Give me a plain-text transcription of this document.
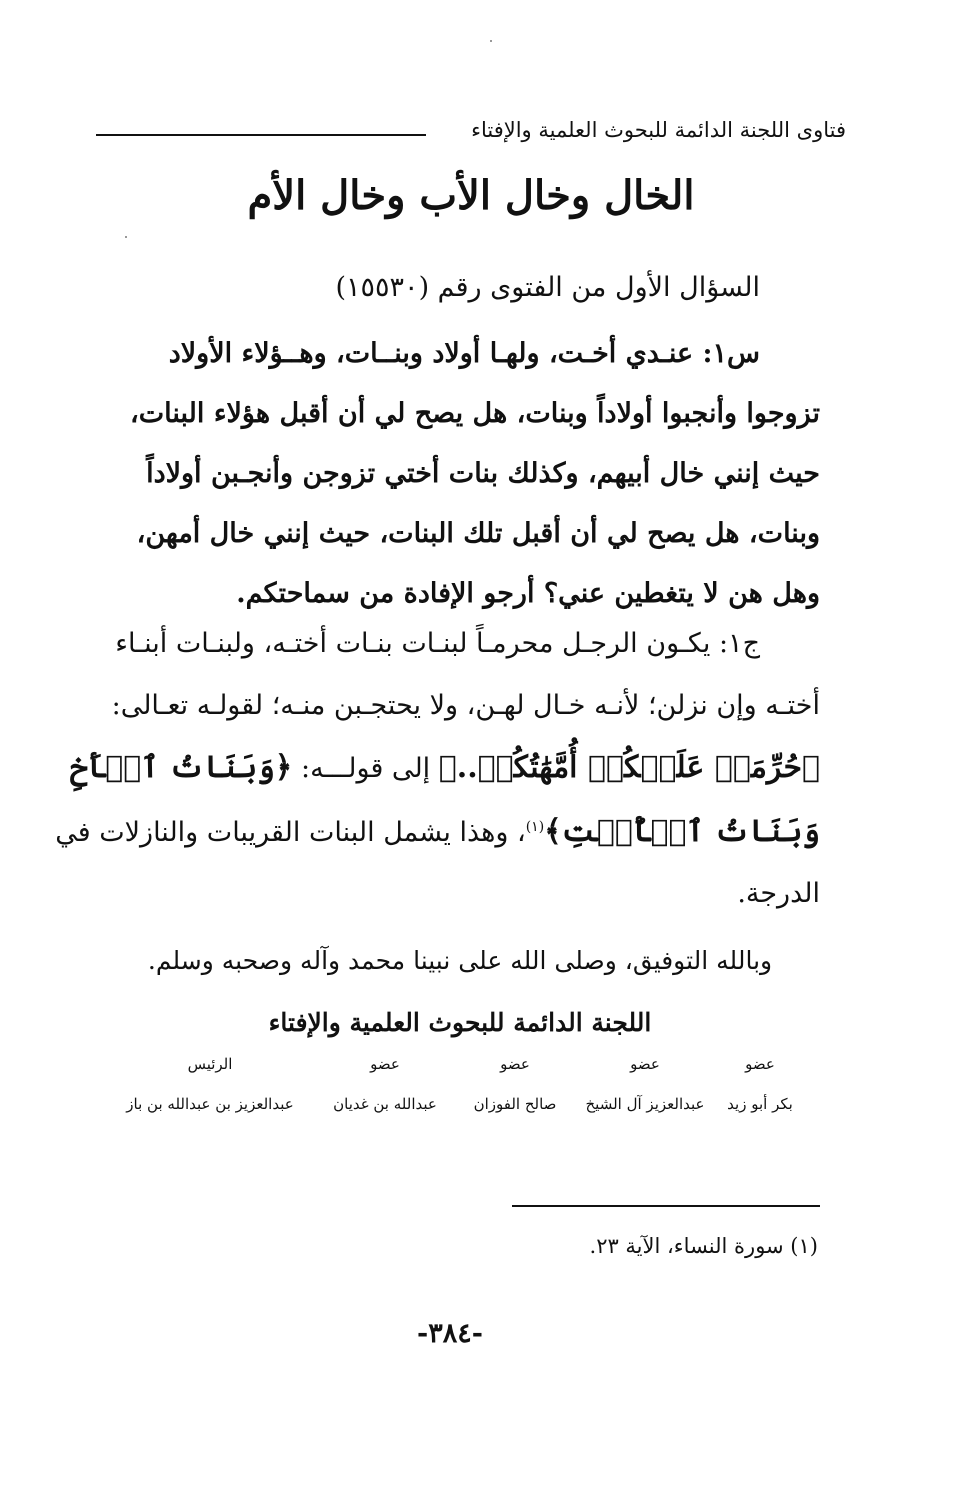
فتاوى اللجنة الدائمة للبحوث العلمية والإفتاء
الخال وخال الأب وخال الأم
السؤال الأول من الفتوى رقم (١٥٥٣٠)
س١: عنـدي أخـت، ولهـا أولاد وبنــات، وهــؤلاء الأولاد
تزوجوا وأنجبوا أولاداً وبنات، هل يصح لي أن أقبل هؤلاء البنات،
حيث إنني خال أبيهم، وكذلك بنات أختي تزوجن وأنجـبن أولاداً
وبنات، هل يصح لي أن أقبل تلك البنات، حيث إنني خال أمهن،
وهل هن لا يتغطين عني؟ أرجو الإفادة من سماحتكم.
ج١: يكـون الرجـل محرمـاً لبنـات بنـات أختـه، ولبنـات أبنـاء
أختـه وإن نزلن؛ لأنـه خـال لهـن، ولا يحتجـبن منـه؛ لقولـه تعـالى:
﴿حُرِّمَتۡ عَلَيۡكُمۡ أُمَّهَٰتُكُمۡ..﴾ إلى قولـــه: ﴿وَبَنَاتُ ٱلۡأَخِ
وَبَنَاتُ ٱلۡأُخۡتِ﴾$^{(١)}$، وهذا يشمل البنات القريبات والنازلات في
الدرجة.
وبالله التوفيق، وصلى الله على نبينا محمد وآله وصحبه وسلم.
اللجنة الدائمة للبحوث العلمية والإفتاء
عضو
بكر أبو زيد
عضو
عبدالعزيز آل الشيخ
عضو
صالح الفوزان
عضو
عبدالله بن غديان
الرئيس
عبدالعزيز بن عبدالله بن باز
(١) سورة النساء، الآية ٢٣.
-٣٨٤-
